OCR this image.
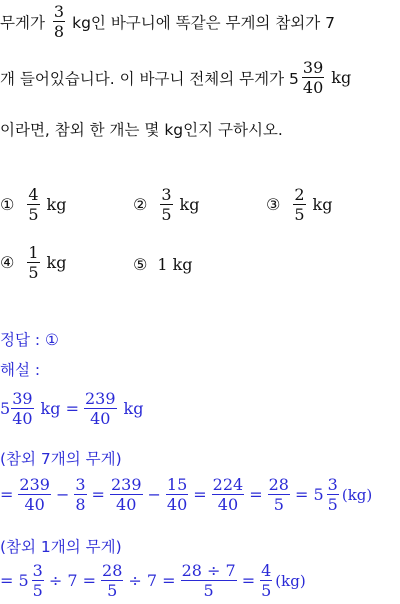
무게가 $\frac{3}{8}$ kg인 바구니에 똑같은 무게의 참외가 7
개 들어있습니다. 이 바구니 전체의 무게가 $5 \frac{39}{40}$ kg
이라면, 참외 한 개는 몇 kg인지 구하시오.
① $\frac{4}{5}$ kg	② $\frac{3}{5}$ kg	③ $\frac{2}{5}$ kg
④ $\frac{1}{5}$ kg	⑤ 1 kg
정답 : ①
해설 :
$5 \frac{39}{40}$ kg = $\frac{239}{40}$ kg
(참외 7개의 무게)
= $\frac{239}{40} - \frac{3}{8} = \frac{239}{40} - \frac{15}{40} = \frac{224}{40} = \frac{28}{5} = 5 \frac{3}{5} (kg)$
(참외 1개의 무게)
= $5 \frac{3}{5} \div 7 = \frac{28}{5} \div 7 = \frac{28 \div 7}{5} = \frac{4}{5} (kg)$
